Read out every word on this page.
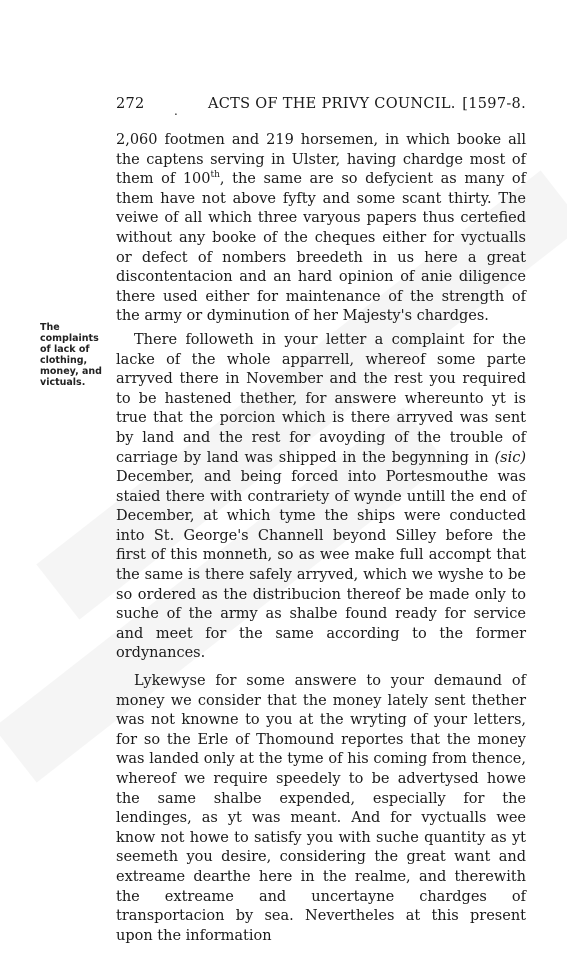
272 . ACTS OF THE PRIVY COUNCIL. [1597-8.
The
complaints
of lack of
clothing,
money, and
victuals.

2,060 footmen and 219 horsemen, in which booke all the captens serving in Ulster, having chardge most of them of 100th, the same are so defycient as many of them have not above fyfty and some scant thirty. The veiwe of all which three varyous papers thus certefied without any booke of the cheques either for vyctualls or defect of nombers breedeth in us here a great discontentacion and an hard opinion of anie diligence there used either for maintenance of the strength of the army or dyminution of her Majesty's chardges.

There followeth in your letter a complaint for the lacke of the whole apparrell, whereof some parte arryved there in November and the rest you required to be hastened thether, for answere whereunto yt is true that the porcion which is there arryved was sent by land and the rest for avoyding of the trouble of carriage by land was shipped in the begynning in (sic) December, and being forced into Portesmouthe was staied there with contrariety of wynde untill the end of December, at which tyme the ships were conducted into St. George's Channell beyond Silley before the first of this monneth, so as wee make full accompt that the same is there safely arryved, which we wyshe to be so ordered as the distribucion thereof be made only to suche of the army as shalbe found ready for service and meet for the same according to the former ordynances.

Lykewyse for some answere to your demaund of money we consider that the money lately sent thether was not knowne to you at the wryting of your letters, for so the Erle of Thomound reportes that the money was landed only at the tyme of his coming from thence, whereof we require speedely to be advertysed howe the same shalbe expended, especially for the lendinges, as yt was meant. And for vyctualls wee know not howe to satisfy you with suche quantity as yt seemeth you desire, considering the great want and extreame dearthe here in the realme, and therewith the extreame and uncertayne chardges of transportacion by sea. Nevertheles at this present upon the information
